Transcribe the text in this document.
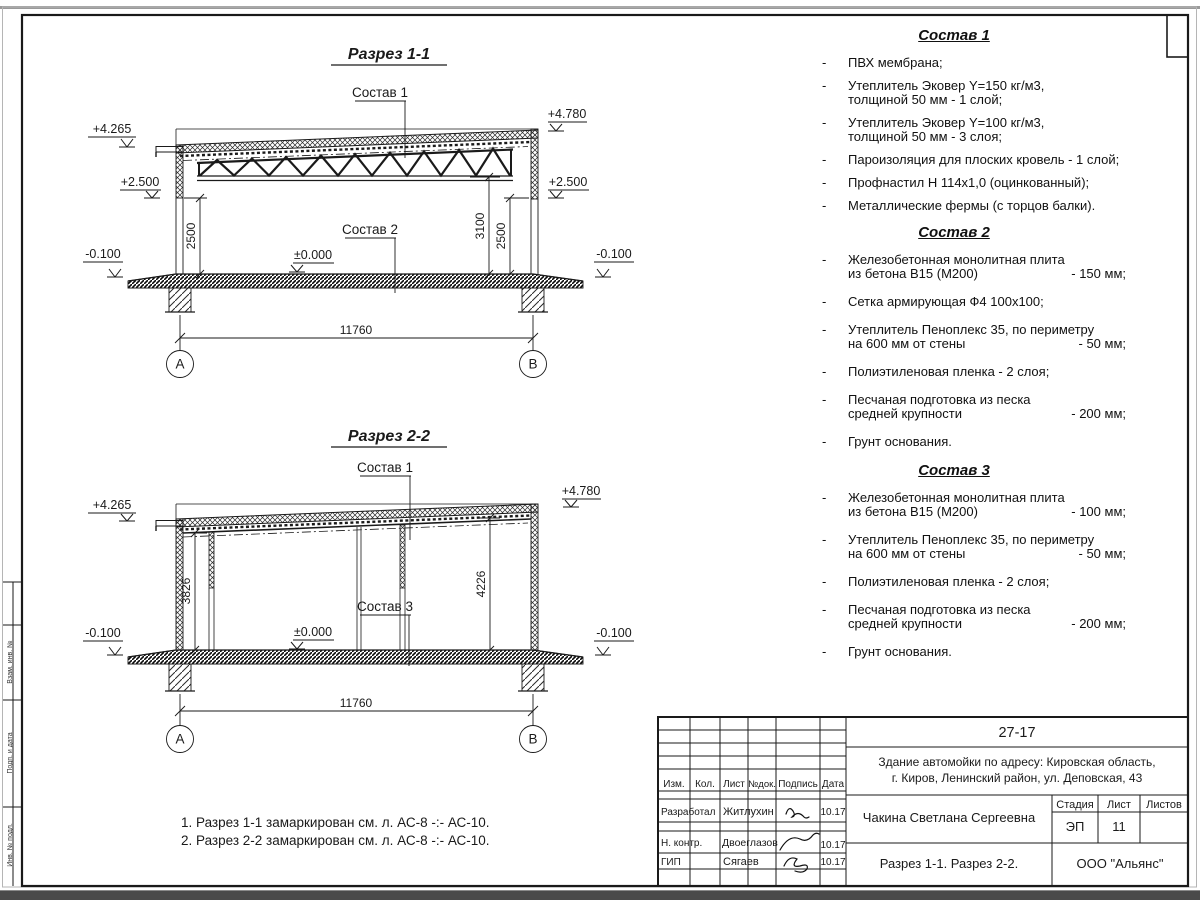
Взам. инв. №
Подп. и дата
Инв. № подл.
Разрез 1-1
Состав 1
Состав 2
+4.265
+4.780
+2.500	+2.500
±0.000
-0.100	-0.100
2500	3100 2500
11760
А	В
Разрез 2-2
Состав 1
Состав 3
+4.265
+4.780
±0.000
-0.100	-0.100
3826	4226
11760
А	В
1. Разрез 1-1 замаркирован см. л. АС-8 -:- АС-10.
2. Разрез 2-2 замаркирован см. л. АС-8 -:- АС-10.
Изм. Кол. Лист №док. Подпись Дата
Разработал Житлухин	10.17
Н. контр. Двоеглазов	10.17
ГИП	Сягаев	10.17
27-17
Здание автомойки по адресу: Кировская область,
г. Киров, Ленинский район, ул. Деповская, 43
Чакина Светлана Сергеевна
Стадия Лист Листов
ЭП 11
Разрез 1-1. Разрез 2-2.	ООО "Альянс"
Состав 1
-	ПВХ мембрана;
-	Утеплитель Эковер Y=150 кг/м3,
толщиной 50 мм - 1 слой;
-	Утеплитель Эковер Y=100 кг/м3,
толщиной 50 мм - 3 слоя;
-	Пароизоляция для плоских кровель - 1 слой;
-	Профнастил Н 114х1,0 (оцинкованный);
-	Металлические фермы (с торцов балки).
Состав 2
-	Железобетонная монолитная плита
из бетона В15 (М200)	- 150 мм;
-	Сетка армирующая Ф4 100х100;
-	Утеплитель Пеноплекс 35, по периметру
на 600 мм от стены	- 50 мм;
-	Полиэтиленовая пленка - 2 слоя;
-	Песчаная подготовка из песка
средней крупности	- 200 мм;
-	Грунт основания.
Состав 3
-	Железобетонная монолитная плита
из бетона В15 (М200)	- 100 мм;
-	Утеплитель Пеноплекс 35, по периметру
на 600 мм от стены	- 50 мм;
-	Полиэтиленовая пленка - 2 слоя;
-	Песчаная подготовка из песка
средней крупности	- 200 мм;
-	Грунт основания.
